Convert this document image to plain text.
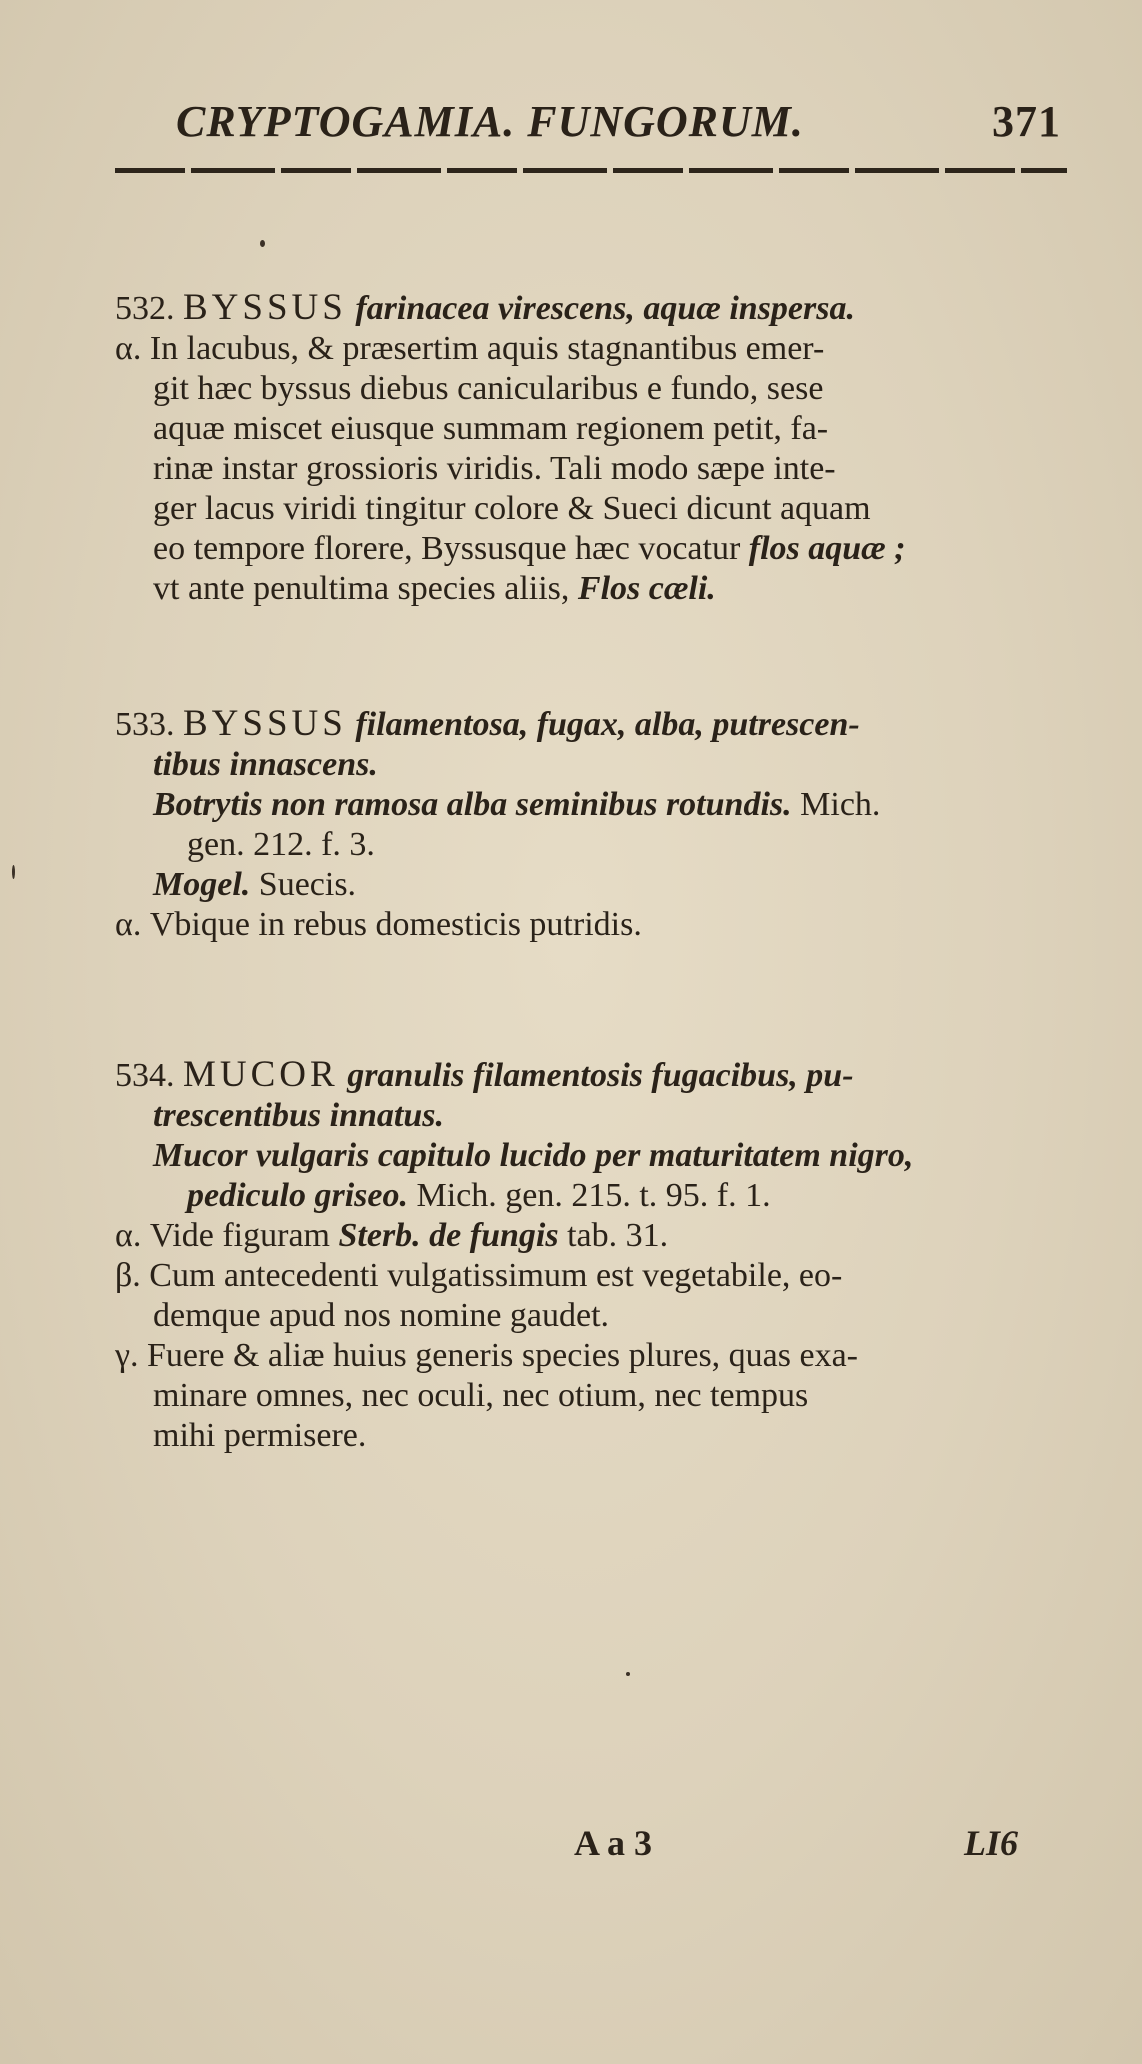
CRYPTOGAMIA. FUNGORUM.	371
532. BYSSUS farinacea virescens, aquæ inspersa.
α. In lacubus, & præsertim aquis stagnantibus emer-
git hæc byssus diebus canicularibus e fundo, sese
aquæ miscet eiusque summam regionem petit, fa-
rinæ instar grossioris viridis. Tali modo sæpe inte-
ger lacus viridi tingitur colore & Sueci dicunt aquam
eo tempore florere, Byssusque hæc vocatur flos aquæ ;
vt ante penultima species aliis, Flos cæli.
533. BYSSUS filamentosa, fugax, alba, putrescen-
tibus innascens.
Botrytis non ramosa alba seminibus rotundis. Mich.
gen. 212. f. 3.
Mogel. Suecis.
α. Vbique in rebus domesticis putridis.
534. MUCOR granulis filamentosis fugacibus, pu-
trescentibus innatus.
Mucor vulgaris capitulo lucido per maturitatem nigro,
pediculo griseo. Mich. gen. 215. t. 95. f. 1.
α. Vide figuram Sterb. de fungis tab. 31.
β. Cum antecedenti vulgatissimum est vegetabile, eo-
demque apud nos nomine gaudet.
γ. Fuere & aliæ huius generis species plures, quas exa-
minare omnes, nec oculi, nec otium, nec tempus
mihi permisere.
A a 3	LI6
